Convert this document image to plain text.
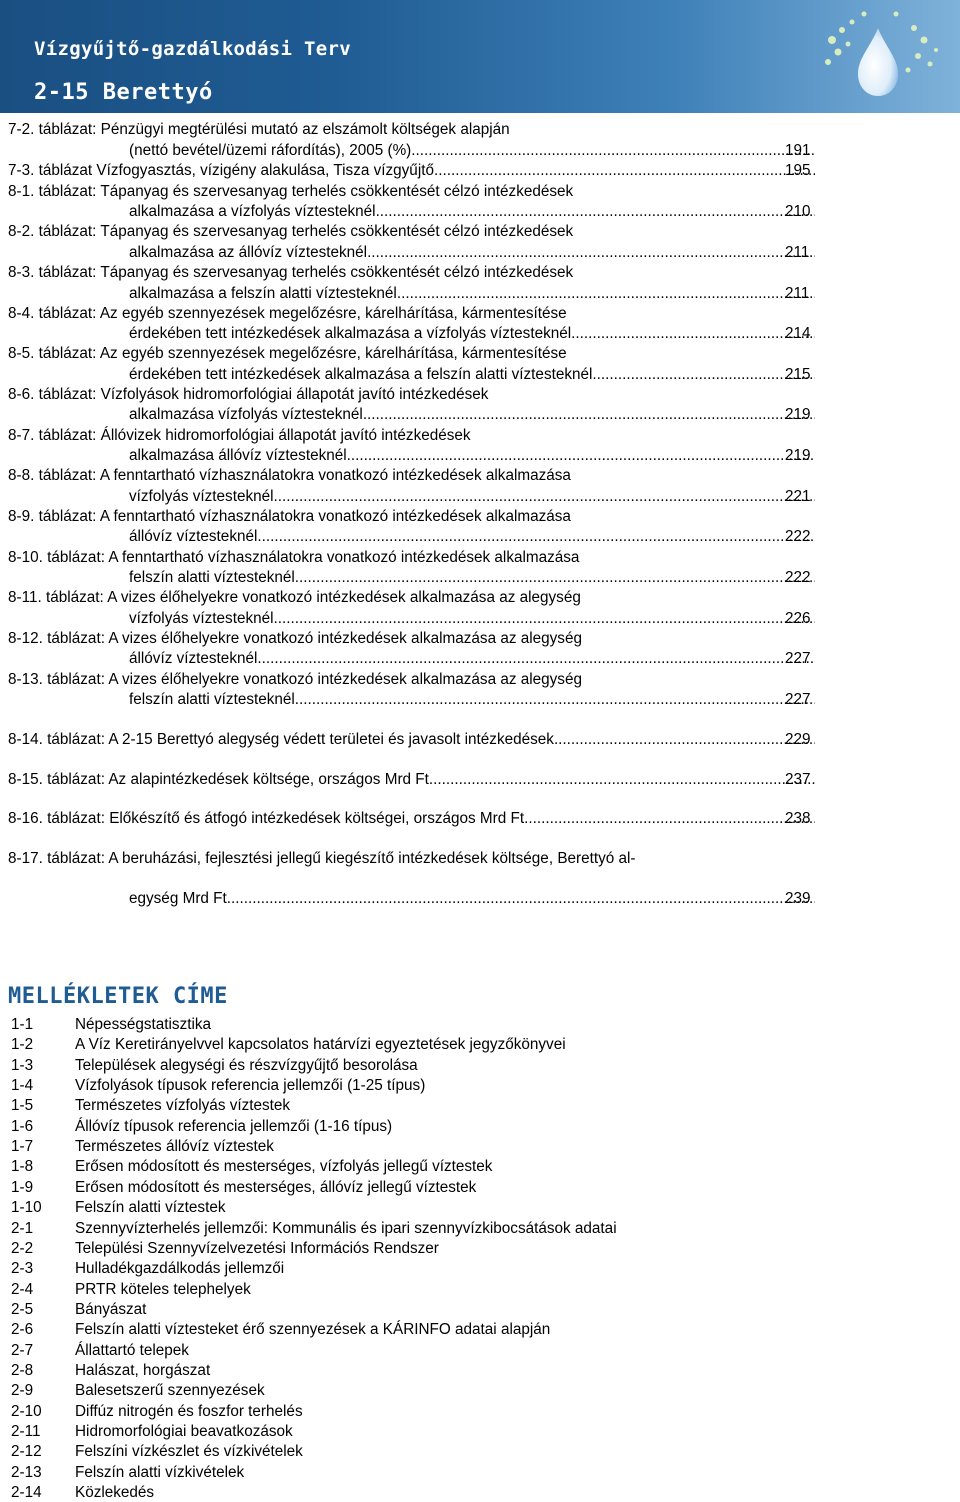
Vízgyűjtő-gazdálkodási Terv
2-15 Berettyó
7-2. táblázat: Pénzügyi megtérülési mutató az elszámolt költségek alapján
(nettó bevétel/üzemi ráfordítás), 2005 (%) .....	191
7-3. táblázat Vízfogyasztás, vízigény alakulása, Tisza vízgyűjtő .....	195
8-1. táblázat: Tápanyag és szervesanyag terhelés csökkentését célzó intézkedések
alkalmazása a vízfolyás víztesteknél .....	210
8-2. táblázat: Tápanyag és szervesanyag terhelés csökkentését célzó intézkedések
alkalmazása az állóvíz víztesteknél .....	211
8-3. táblázat: Tápanyag és szervesanyag terhelés csökkentését célzó intézkedések
alkalmazása a felszín alatti víztesteknél .....	211
8-4. táblázat: Az egyéb szennyezések megelőzésre, kárelhárítása, kármentesítése
érdekében tett intézkedések alkalmazása a vízfolyás víztesteknél .....	214
8-5. táblázat: Az egyéb szennyezések megelőzésre, kárelhárítása, kármentesítése
érdekében tett intézkedések alkalmazása a felszín alatti víztesteknél .....	215
8-6. táblázat: Vízfolyások hidromorfológiai állapotát javító intézkedések
alkalmazása vízfolyás víztesteknél .....	219
8-7. táblázat: Állóvizek hidromorfológiai állapotát javító intézkedések
alkalmazása állóvíz víztesteknél .....	219
8-8. táblázat: A fenntartható vízhasználatokra vonatkozó intézkedések alkalmazása
vízfolyás víztesteknél .....	221
8-9. táblázat: A fenntartható vízhasználatokra vonatkozó intézkedések alkalmazása
állóvíz víztesteknél .....	222
8-10. táblázat: A fenntartható vízhasználatokra vonatkozó intézkedések alkalmazása
felszín alatti víztesteknél .....	222
8-11. táblázat: A vizes élőhelyekre vonatkozó intézkedések alkalmazása az alegység
vízfolyás víztesteknél .....	226
8-12. táblázat: A vizes élőhelyekre vonatkozó intézkedések alkalmazása az alegység
állóvíz víztesteknél .....	227
8-13. táblázat: A vizes élőhelyekre vonatkozó intézkedések alkalmazása az alegység
felszín alatti víztesteknél .....	227
8-14. táblázat: A 2-15 Berettyó alegység védett területei és javasolt intézkedések .....	229
8-15. táblázat: Az alapintézkedések költsége, országos Mrd Ft .....	237
8-16. táblázat: Előkészítő és átfogó intézkedések költségei, országos Mrd Ft .....	238
8-17. táblázat: A beruházási, fejlesztési jellegű kiegészítő intézkedések költsége, Berettyó al-
egység Mrd Ft .....	239
MELLÉKLETEK CÍME
1-1	Népességstatisztika
1-2	A Víz Keretirányelvvel kapcsolatos határvízi egyeztetések jegyzőkönyvei
1-3	Települések alegységi és részvízgyűjtő besorolása
1-4	Vízfolyások típusok referencia jellemzői (1-25 típus)
1-5	Természetes vízfolyás víztestek
1-6	Állóvíz típusok referencia jellemzői (1-16 típus)
1-7	Természetes állóvíz víztestek
1-8	Erősen módosított és mesterséges, vízfolyás jellegű víztestek
1-9	Erősen módosított és mesterséges, állóvíz jellegű víztestek
1-10 Felszín alatti víztestek
2-1	Szennyvízterhelés jellemzői: Kommunális és ipari szennyvízkibocsátások adatai
2-2	Települési Szennyvízelvezetési Információs Rendszer
2-3	Hulladékgazdálkodás jellemzői
2-4	PRTR köteles telephelyek
2-5	Bányászat
2-6	Felszín alatti víztesteket érő szennyezések a KÁRINFO adatai alapján
2-7	Állattartó telepek
2-8	Halászat, horgászat
2-9	Balesetszerű szennyezések
2-10 Diffúz nitrogén és foszfor terhelés
2-11 Hidromorfológiai beavatkozások
2-12 Felszíni vízkészlet és vízkivételek
2-13 Felszín alatti vízkivételek
2-14 Közlekedés
